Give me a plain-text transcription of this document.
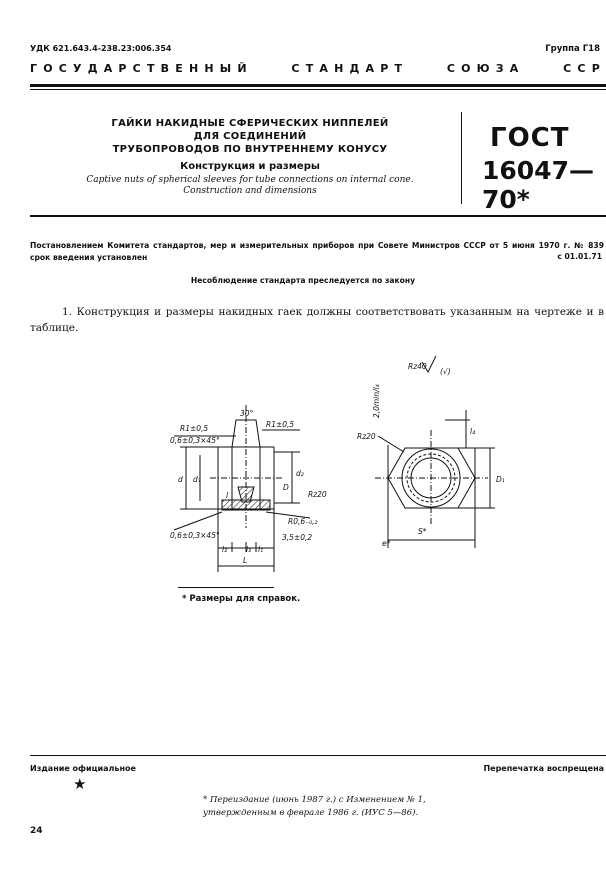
УДК 621.643.4-238.23:006.354	Группа Г18
ГОСУДАРСТВЕННЫЙ	СТАНДАРТ	СОЮЗА	ССР
ГАЙКИ НАКИДНЫЕ СФЕРИЧЕСКИХ НИППЕЛЕЙ
ДЛЯ СОЕДИНЕНИЙ
ТРУБОПРОВОДОВ ПО ВНУТРЕННЕМУ КОНУСУ
Конструкция и размеры
Captive nuts of spherical sleeves for tube connections on internal cone.
Construction and dimensions
ГОСТ
16047—70*
Постановлением Комитета стандартов, мер и измерительных приборов при Совете Министров СССР от 5 июня 1970 г. № 839 срок введения установлен	с 01.01.71
Несоблюдение стандарта преследуется по закону
1. Конструкция и размеры накидных гаек должны соответствовать указанным на чертеже и в таблице.
30°
R1±0,5	R1±0,5
0,6±0,3×45°
d d₁
d₂
D
l	Rz20
R0,6₋₀,₂
0,6±0,3×45°	3,5±0,2
l₂	l₃ l₁
L
Rz40
(√)
Rz20
2,0min/l₄
l₄
D₁
S*
e*
* Размеры для справок.
Издание официальное	Перепечатка воспрещена
★
* Переиздание (июнь 1987 г.) с Изменением № 1,
утвержденным в феврале 1986 г. (ИУС 5—86).
24
